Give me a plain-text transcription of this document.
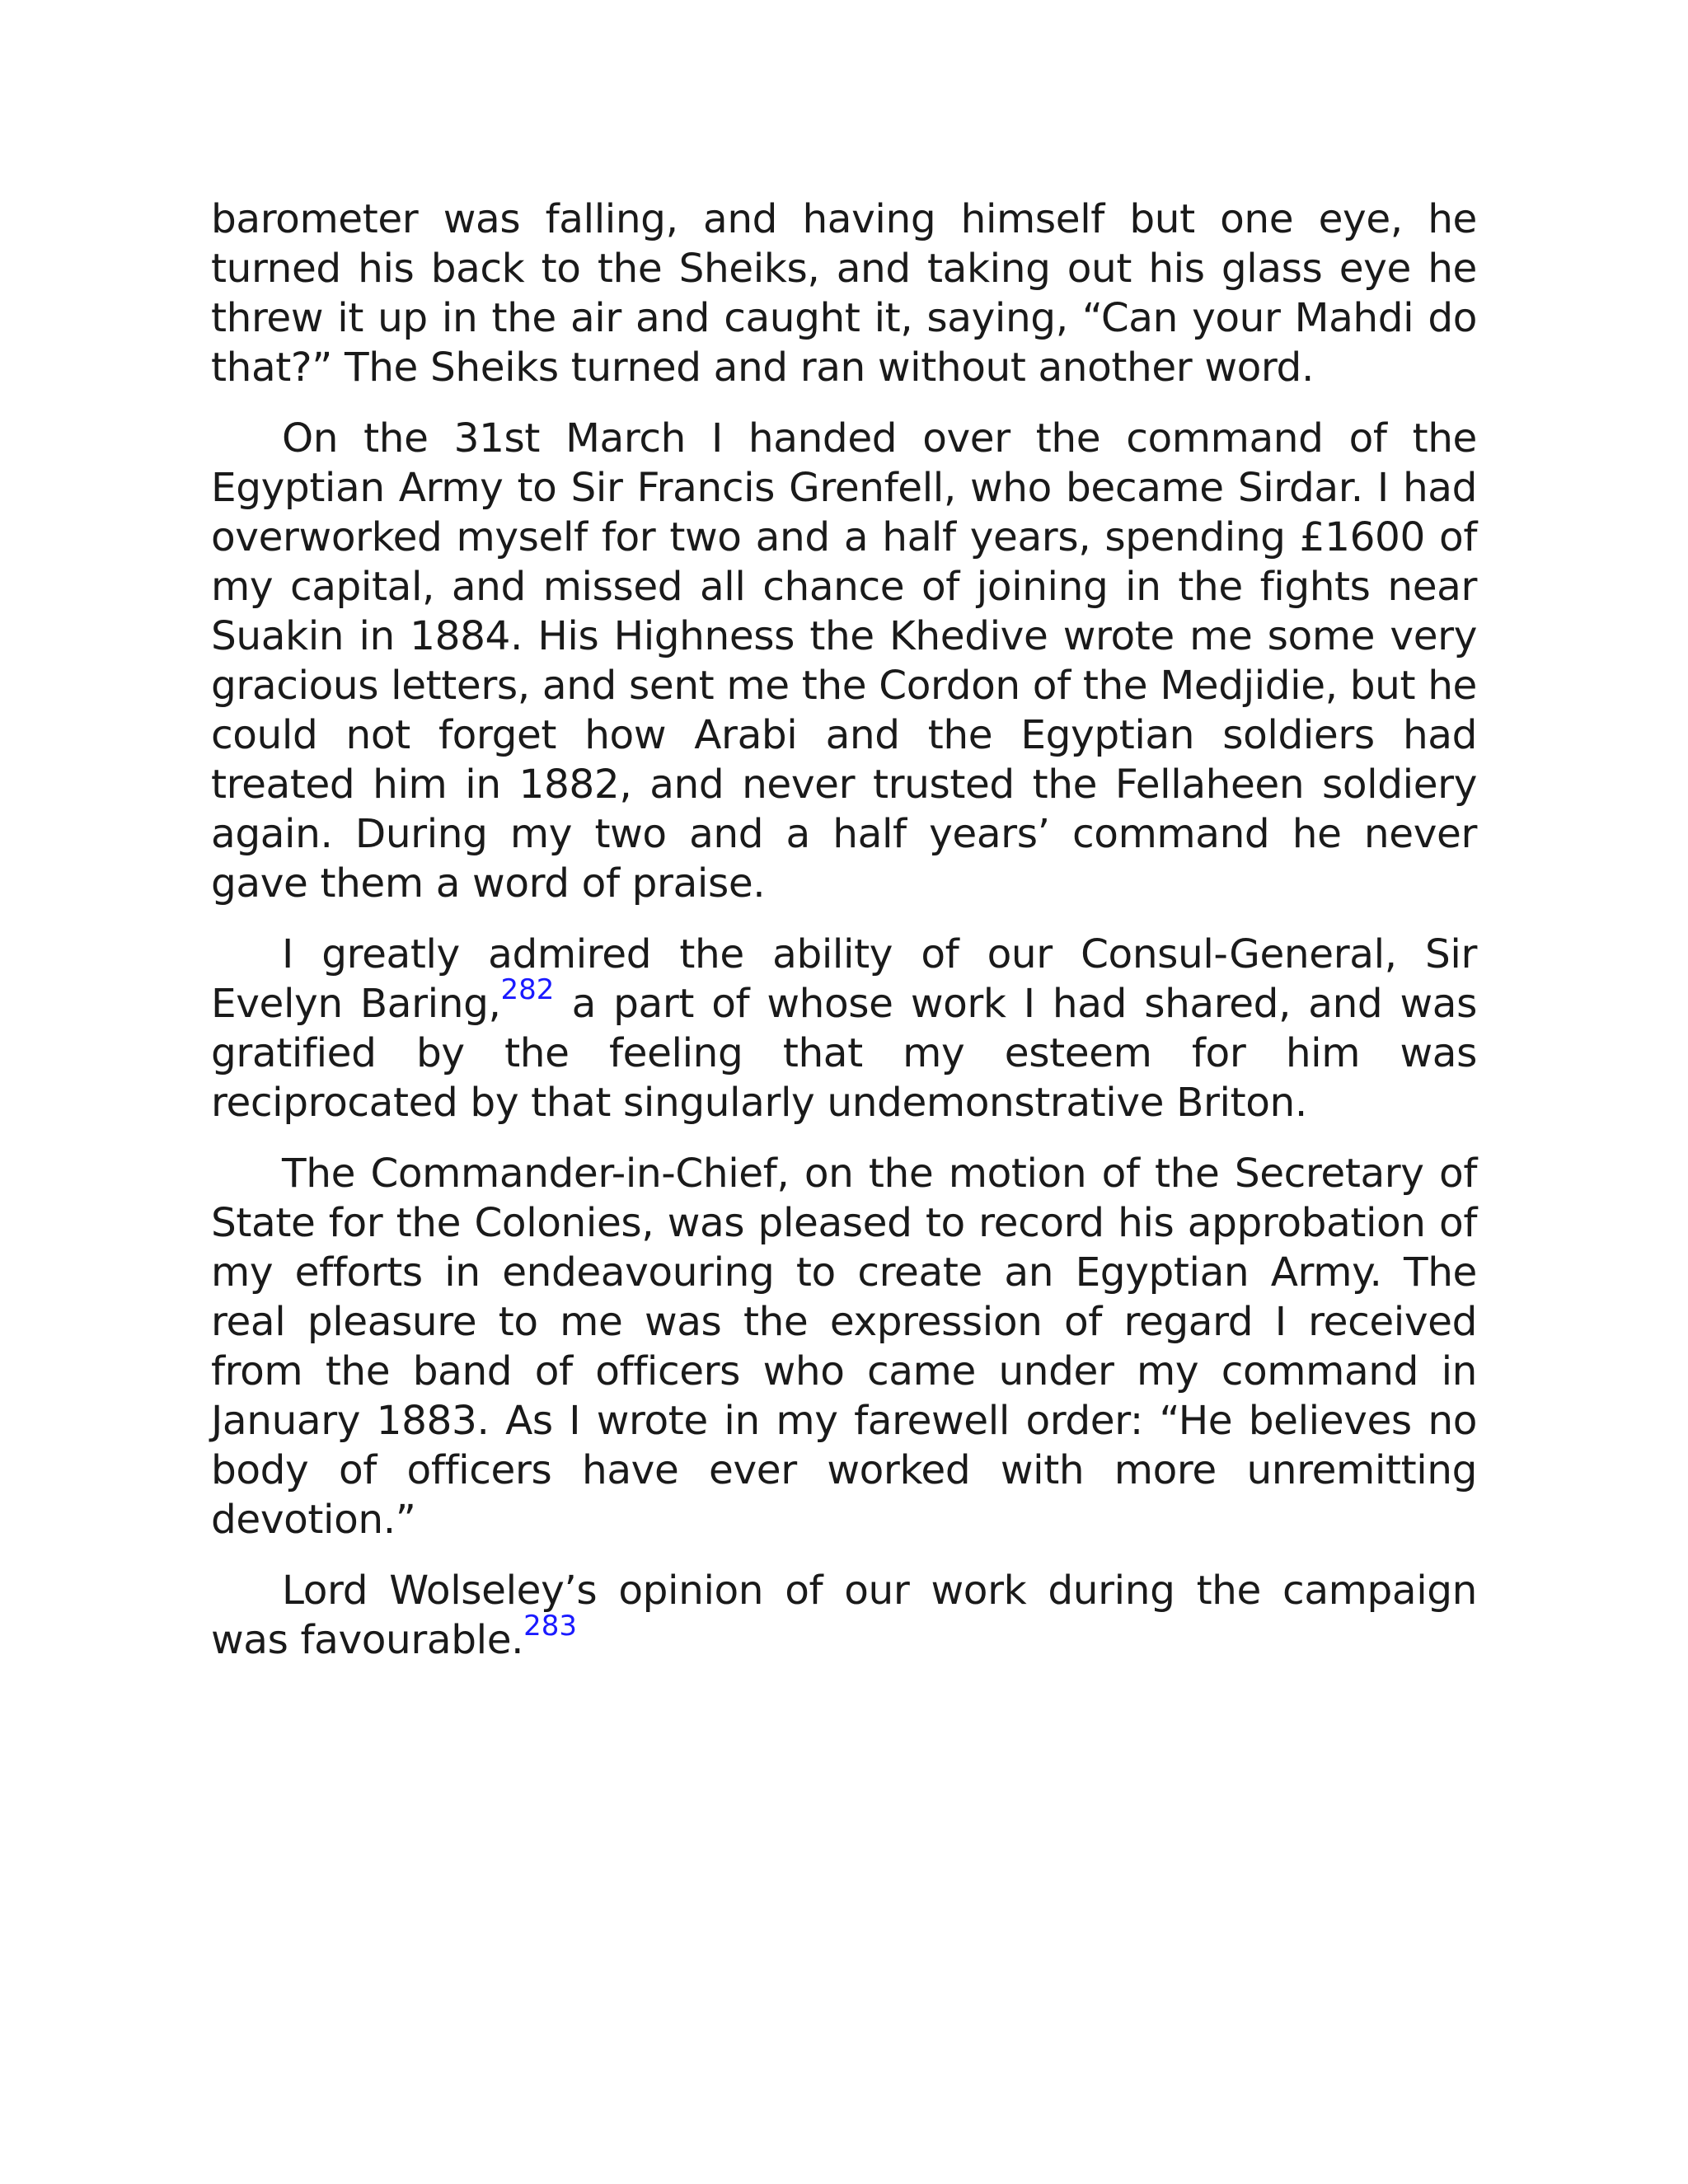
barometer was falling, and having himself but one eye, he turned his back to the Sheiks, and taking out his glass eye he threw it up in the air and caught it, saying, “Can your Mahdi do that?” The Sheiks turned and ran without another word.

On the 31st March I handed over the command of the Egyptian Army to Sir Francis Grenfell, who became Sirdar. I had overworked myself for two and a half years, spending £1600 of my capital, and missed all chance of joining in the fights near Suakin in 1884. His Highness the Khedive wrote me some very gracious letters, and sent me the Cordon of the Medjidie, but he could not forget how Arabi and the Egyptian soldiers had treated him in 1882, and never trusted the Fellaheen soldiery again. During my two and a half years’ command he never gave them a word of praise.

I greatly admired the ability of our Consul-General, Sir Evelyn Baring,$^{282}$ a part of whose work I had shared, and was gratified by the feeling that my esteem for him was reciprocated by that singularly undemonstrative Briton.

The Commander-in-Chief, on the motion of the Secretary of State for the Colonies, was pleased to record his approbation of my efforts in endeavouring to create an Egyptian Army. The real pleasure to me was the expression of regard I received from the band of officers who came under my command in January 1883. As I wrote in my farewell order: “He believes no body of officers have ever worked with more unremitting devotion.”

Lord Wolseley’s opinion of our work during the campaign was favourable.$^{283}$
